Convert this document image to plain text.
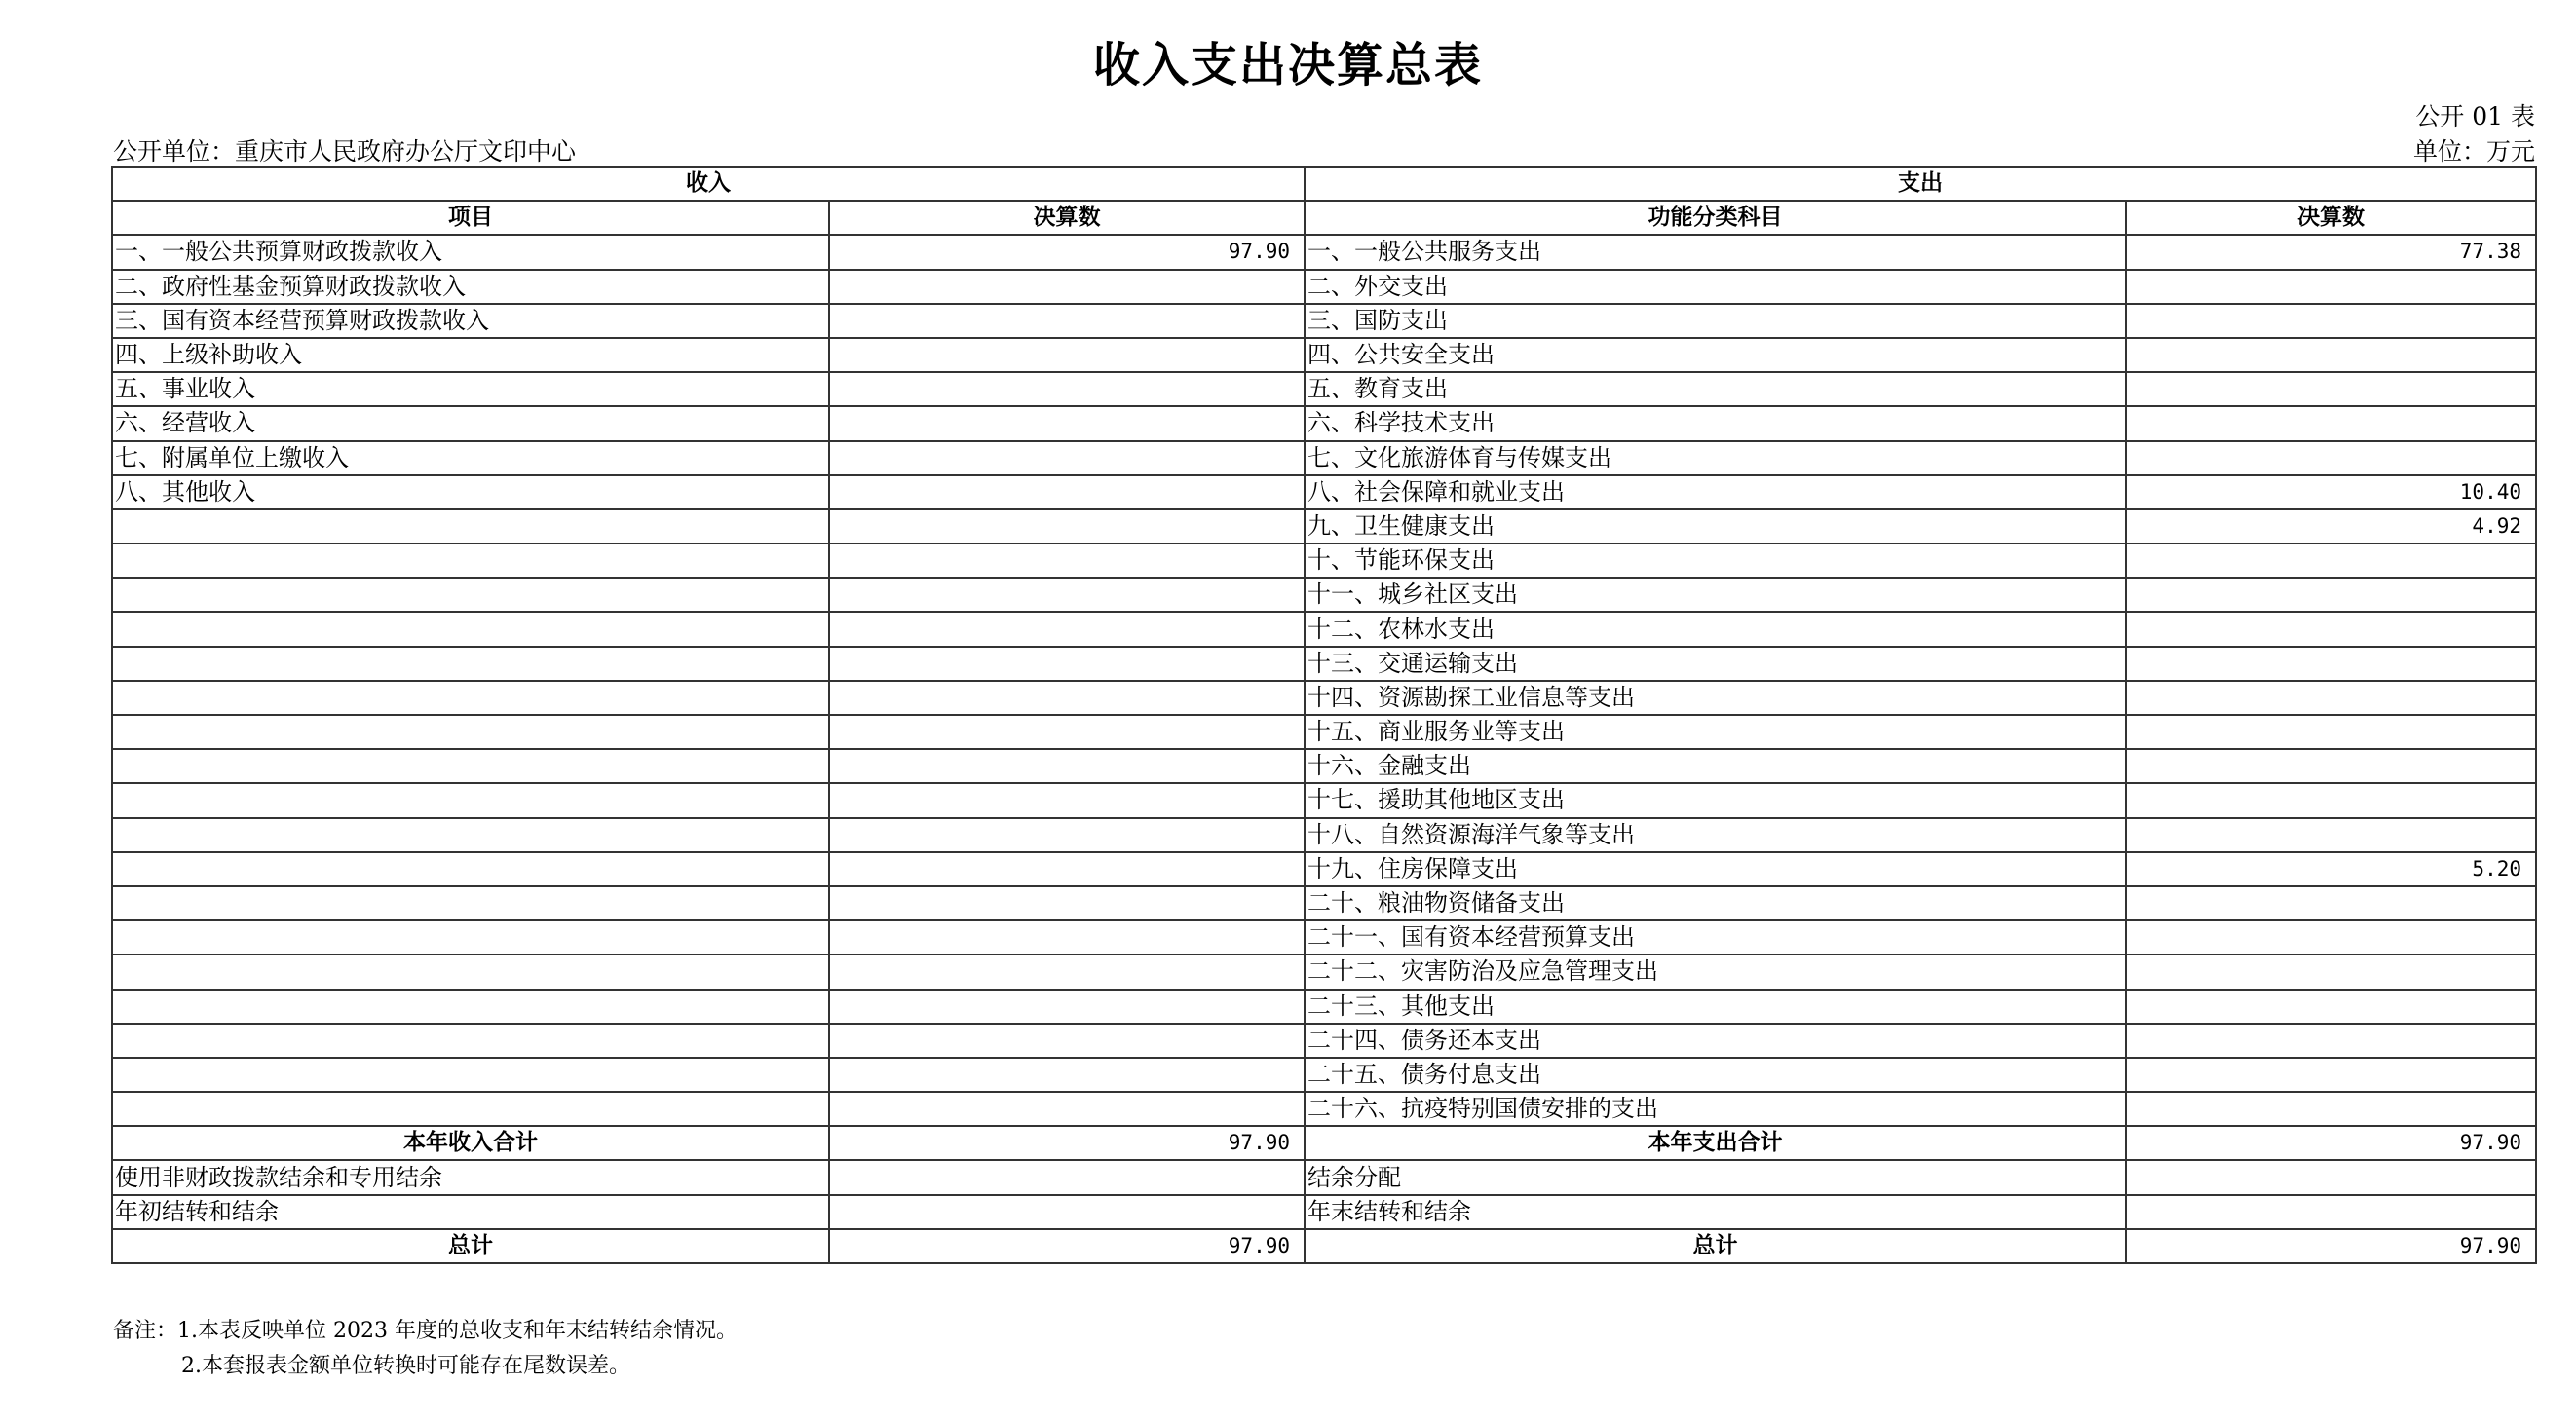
收入支出决算总表
公开 01 表
公开单位：重庆市人民政府办公厅文印中心	单位：万元
收入		支出	
项目	决算数	功能分类科目	决算数
一、一般公共预算财政拨款收入	97.90	一、一般公共服务支出	77.38
二、政府性基金预算财政拨款收入		二、外交支出	
三、国有资本经营预算财政拨款收入		三、国防支出	
四、上级补助收入		四、公共安全支出	
五、事业收入		五、教育支出	
六、经营收入		六、科学技术支出	
七、附属单位上缴收入		七、文化旅游体育与传媒支出	
八、其他收入		八、社会保障和就业支出	10.40
		九、卫生健康支出	4.92
		十、节能环保支出	
		十一、城乡社区支出	
		十二、农林水支出	
		十三、交通运输支出	
		十四、资源勘探工业信息等支出	
		十五、商业服务业等支出	
		十六、金融支出	
		十七、援助其他地区支出	
		十八、自然资源海洋气象等支出	
		十九、住房保障支出	5.20
		二十、粮油物资储备支出	
		二十一、国有资本经营预算支出	
		二十二、灾害防治及应急管理支出	
		二十三、其他支出	
		二十四、债务还本支出	
		二十五、债务付息支出	
		二十六、抗疫特别国债安排的支出	
本年收入合计	97.90	本年支出合计	97.90
使用非财政拨款结余和专用结余		结余分配	
年初结转和结余		年末结转和结余	
总计	97.90	总计	97.90
备注：1.本表反映单位 2023 年度的总收支和年末结转结余情况。
2.本套报表金额单位转换时可能存在尾数误差。
